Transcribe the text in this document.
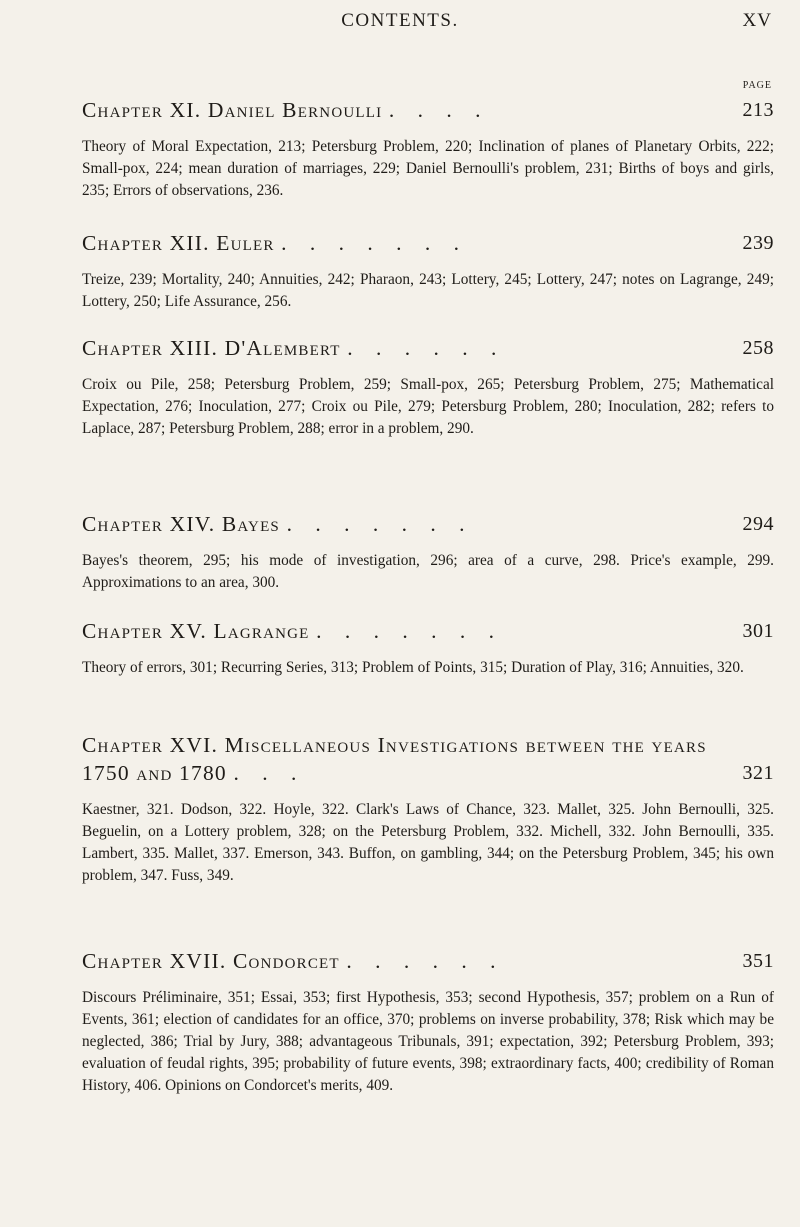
CONTENTS.	XV
PAGE
Chapter XI. Daniel Bernoulli . . . .	213

Theory of Moral Expectation, 213; Petersburg Problem, 220; Inclination of planes of Planetary Orbits, 222; Small-pox, 224; mean duration of marriages, 229; Daniel Bernoulli's problem, 231; Births of boys and girls, 235; Errors of observations, 236.

Chapter XII. Euler . . . . . . .	239

Treize, 239; Mortality, 240; Annuities, 242; Pharaon, 243; Lottery, 245; Lottery, 247; notes on Lagrange, 249; Lottery, 250; Life Assurance, 256.

Chapter XIII. D'Alembert . . . . . .	258

Croix ou Pile, 258; Petersburg Problem, 259; Small-pox, 265; Petersburg Problem, 275; Mathematical Expectation, 276; Inoculation, 277; Croix ou Pile, 279; Petersburg Problem, 280; Inoculation, 282; refers to Laplace, 287; Petersburg Problem, 288; error in a problem, 290.

Chapter XIV. Bayes . . . . . . .	294

Bayes's theorem, 295; his mode of investigation, 296; area of a curve, 298. Price's example, 299. Approximations to an area, 300.

Chapter XV. Lagrange . . . . . . .	301

Theory of errors, 301; Recurring Series, 313; Problem of Points, 315; Duration of Play, 316; Annuities, 320.

Chapter XVI. Miscellaneous Investigations between the years 1750 and 1780 . . .	321

Kaestner, 321. Dodson, 322. Hoyle, 322. Clark's Laws of Chance, 323. Mallet, 325. John Bernoulli, 325. Beguelin, on a Lottery problem, 328; on the Petersburg Problem, 332. Michell, 332. John Bernoulli, 335. Lambert, 335. Mallet, 337. Emerson, 343. Buffon, on gambling, 344; on the Petersburg Problem, 345; his own problem, 347. Fuss, 349.

Chapter XVII. Condorcet . . . . . .	351

Discours Préliminaire, 351; Essai, 353; first Hypothesis, 353; second Hypothesis, 357; problem on a Run of Events, 361; election of candidates for an office, 370; problems on inverse probability, 378; Risk which may be neglected, 386; Trial by Jury, 388; advantageous Tribunals, 391; expectation, 392; Petersburg Problem, 393; evaluation of feudal rights, 395; probability of future events, 398; extraordinary facts, 400; credibility of Roman History, 406. Opinions on Condorcet's merits, 409.
